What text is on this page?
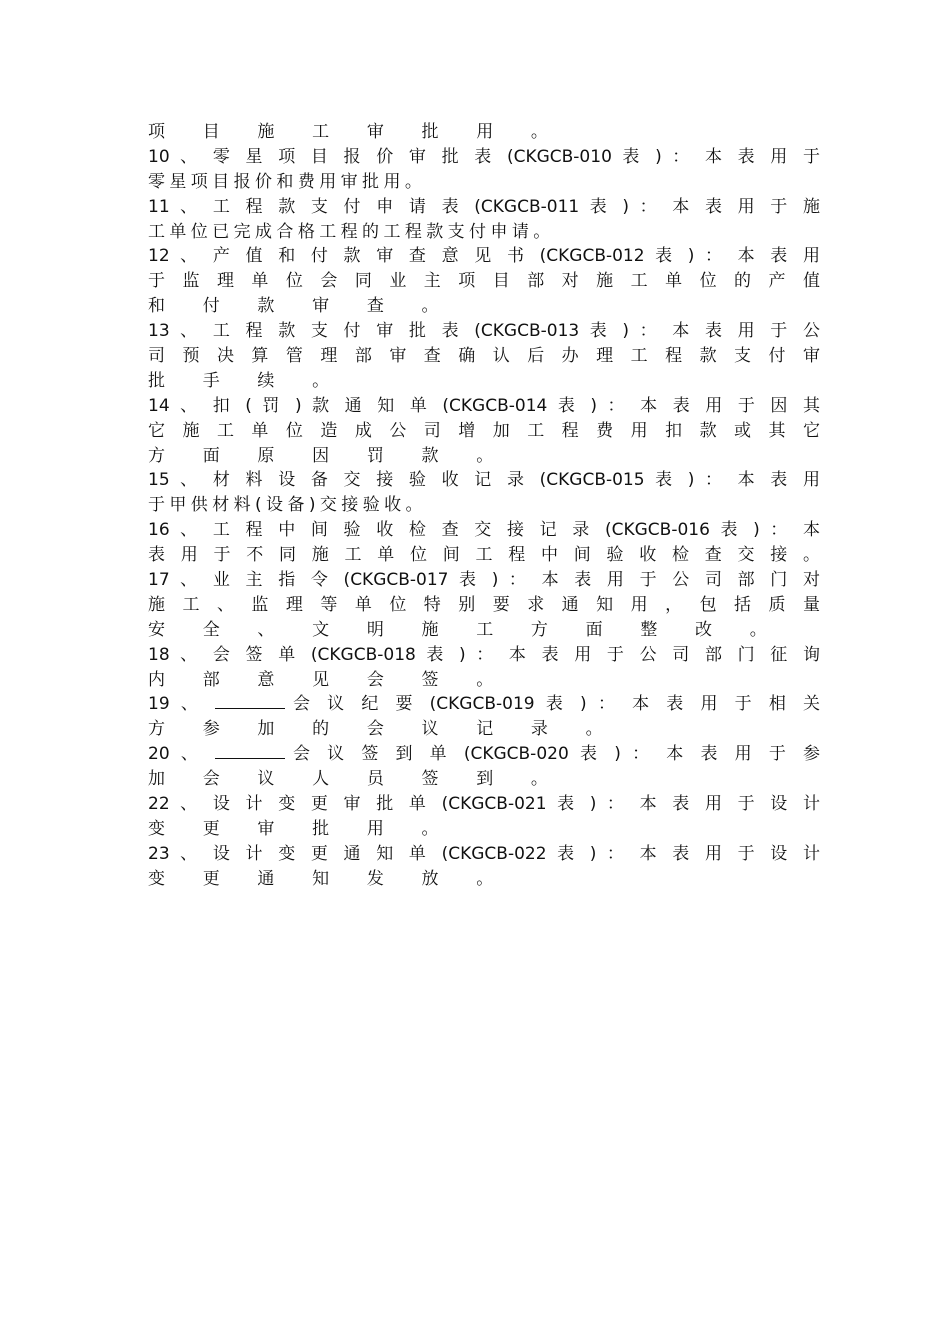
项 目 施 工 审 批 用 。
10 、 零 星 项 目 报 价 审 批 表 (CKGCB-010 表 ) ： 本 表 用 于
零 星 项 目 报 价 和 费 用 审 批 用 。
11 、 工 程 款 支 付 申 请 表 (CKGCB-011 表 ) ： 本 表 用 于 施
工 单 位 已 完 成 合 格 工 程 的 工 程 款 支 付 申 请 。
12 、 产 值 和 付 款 审 查 意 见 书 (CKGCB-012 表 ) ： 本 表 用
于 监 理 单 位 会 同 业 主 项 目 部 对 施 工 单 位 的 产 值
和 付 款 审 查 。
13 、 工 程 款 支 付 审 批 表 (CKGCB-013 表 ) ： 本 表 用 于 公
司 预 决 算 管 理 部 审 查 确 认 后 办 理 工 程 款 支 付 审
批 手 续 。
14 、 扣 ( 罚 ) 款 通 知 单 (CKGCB-014 表 ) ： 本 表 用 于 因 其
它 施 工 单 位 造 成 公 司 增 加 工 程 费 用 扣 款 或 其 它
方 面 原 因 罚 款 。
15 、 材 料 设 备 交 接 验 收 记 录 (CKGCB-015 表 ) ： 本 表 用
于 甲 供 材 料 ( 设 备 ) 交 接 验 收 。
16 、 工 程 中 间 验 收 检 查 交 接 记 录 (CKGCB-016 表 ) ： 本
表 用 于 不 同 施 工 单 位 间 工 程 中 间 验 收 检 查 交 接 。
17 、 业 主 指 令 (CKGCB-017 表 ) ： 本 表 用 于 公 司 部 门 对
施 工 、 监 理 等 单 位 特 别 要 求 通 知 用 ， 包 括 质 量
安 全 、 文 明 施 工 方 面 整 改 。
18 、 会 签 单 (CKGCB-018 表 ) ： 本 表 用 于 公 司 部 门 征 询
内 部 意 见 会 签 。
19 、	会 议 纪 要 (CKGCB-019 表 ) ： 本 表 用 于 相 关
方 参 加 的 会 议 记 录 。
20 、	会 议 签 到 单 (CKGCB-020 表 ) ： 本 表 用 于 参
加 会 议 人 员 签 到 。
22 、 设 计 变 更 审 批 单 (CKGCB-021 表 ) ： 本 表 用 于 设 计
变 更 审 批 用 。
23 、 设 计 变 更 通 知 单 (CKGCB-022 表 ) ： 本 表 用 于 设 计
变 更 通 知 发 放 。
